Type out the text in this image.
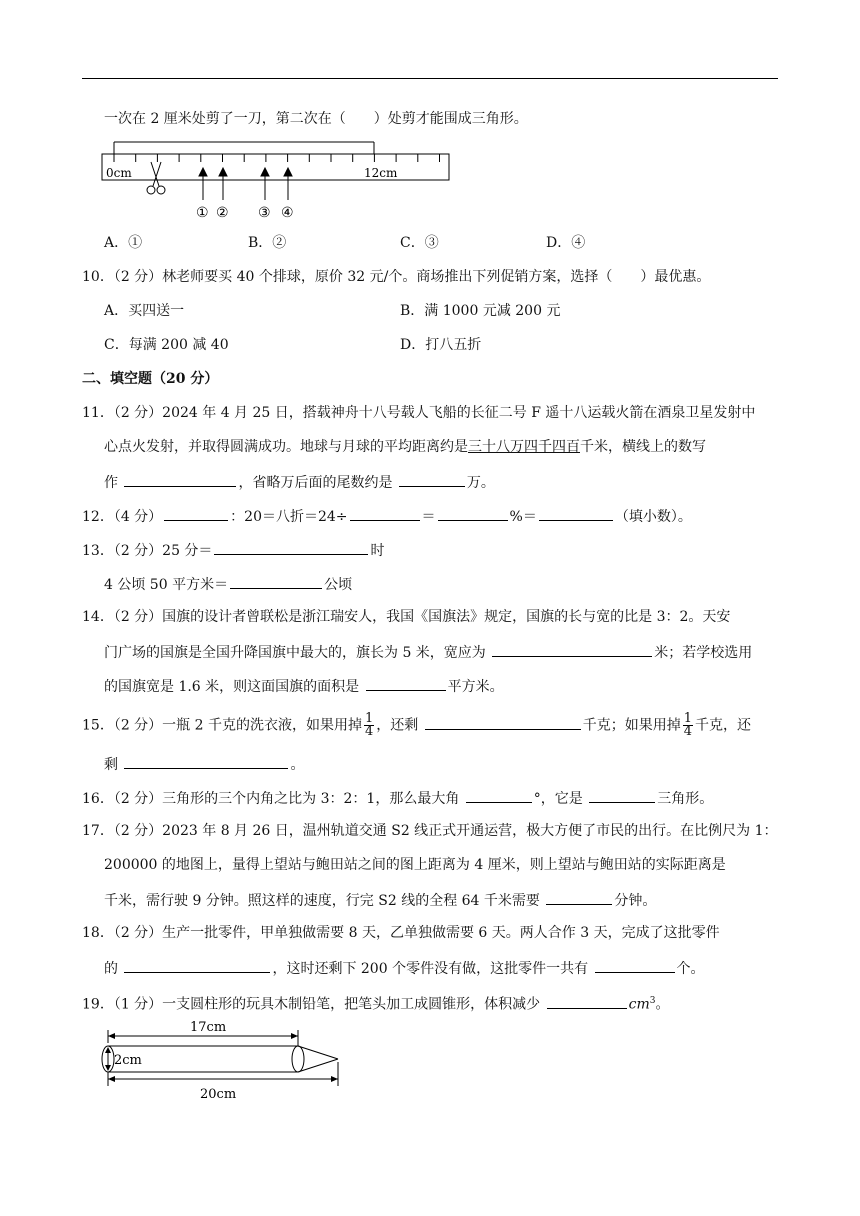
一次在 2 厘米处剪了一刀，第二次在（　　）处剪才能围成三角形。
0cm	12cm
① ② ③ ④
A．①	B．②	C．③	D．④
10．（2 分）林老师要买 40 个排球，原价 32 元/个。商场推出下列促销方案，选择（　　）最优惠。
A．买四送一	B．满 1000 元减 200 元
C．每满 200 减 40	D．打八五折
二、填空题（20 分）
11．（2 分）2024 年 4 月 25 日，搭载神舟十八号载人飞船的长征二号 F 遥十八运载火箭在酒泉卫星发射中
心点火发射，并取得圆满成功。地球与月球的平均距离约是三十八万四千四百千米，横线上的数写
作	，省略万后面的尾数约是	万。
12．（4 分）	：20＝八折＝24÷	＝	%＝	（填小数）。
13．（2 分）25 分＝	时
4 公顷 50 平方米＝	公顷
14．（2 分）国旗的设计者曾联松是浙江瑞安人，我国《国旗法》规定，国旗的长与宽的比是 3：2。天安
门广场的国旗是全国升降国旗中最大的，旗长为 5 米，宽应为	米；若学校选用
的国旗宽是 1.6 米，则这面国旗的面积是	平方米。
15．（2 分）一瓶 2 千克的洗衣液，如果用掉 $\frac{1}{4}$ ，还剩	千克；如果用掉 $\frac{1}{4}$ 千克，还
剩	。
16．（2 分）三角形的三个内角之比为 3：2：1，那么最大角	°，它是	三角形。
17．（2 分）2023 年 8 月 26 日，温州轨道交通 S2 线正式开通运营，极大方便了市民的出行。在比例尺为 1：
200000 的地图上，量得上望站与鲍田站之间的图上距离为 4 厘米，则上望站与鲍田站的实际距离是
千米，需行驶 9 分钟。照这样的速度，行完 S2 线的全程 64 千米需要	分钟。
18．（2 分）生产一批零件，甲单独做需要 8 天，乙单独做需要 6 天。两人合作 3 天，完成了这批零件
的	，这时还剩下 200 个零件没有做，这批零件一共有	个。
19．（1 分）一支圆柱形的玩具木制铅笔，把笔头加工成圆锥形，体积减少	$cm^3$。
17cm
2cm
20cm
